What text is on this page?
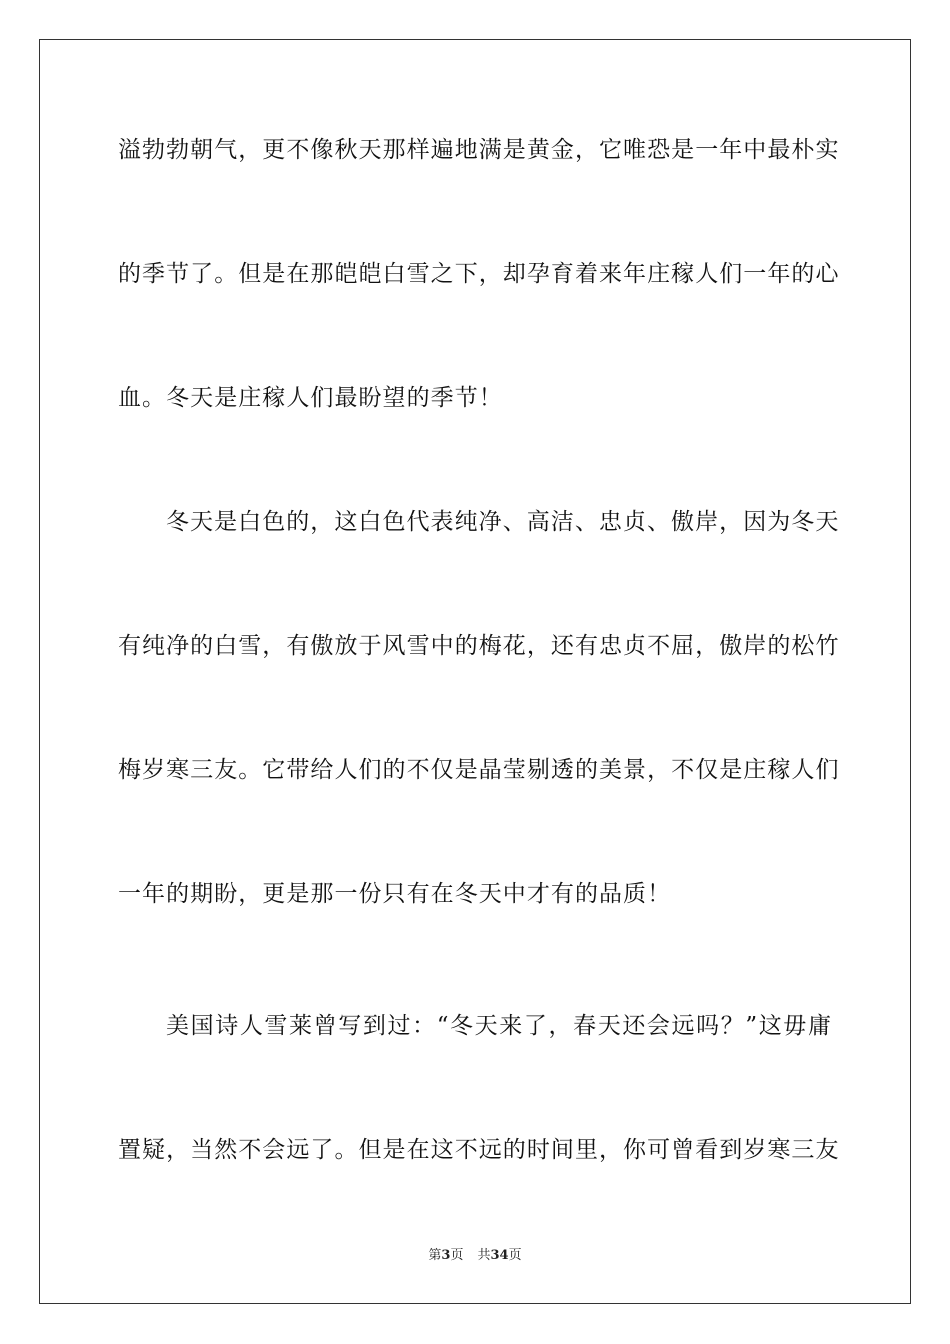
溢勃勃朝气，更不像秋天那样遍地满是黄金，它唯恐是一年中最朴实
的季节了。但是在那皑皑白雪之下，却孕育着来年庄稼人们一年的心
血。冬天是庄稼人们最盼望的季节！
冬天是白色的，这白色代表纯净、高洁、忠贞、傲岸，因为冬天
有纯净的白雪，有傲放于风雪中的梅花，还有忠贞不屈，傲岸的松竹
梅岁寒三友。它带给人们的不仅是晶莹剔透的美景，不仅是庄稼人们
一年的期盼，更是那一份只有在冬天中才有的品质！
美国诗人雪莱曾写到过：“冬天来了，春天还会远吗？”这毋庸
置疑，当然不会远了。但是在这不远的时间里，你可曾看到岁寒三友
第3页 共34页
